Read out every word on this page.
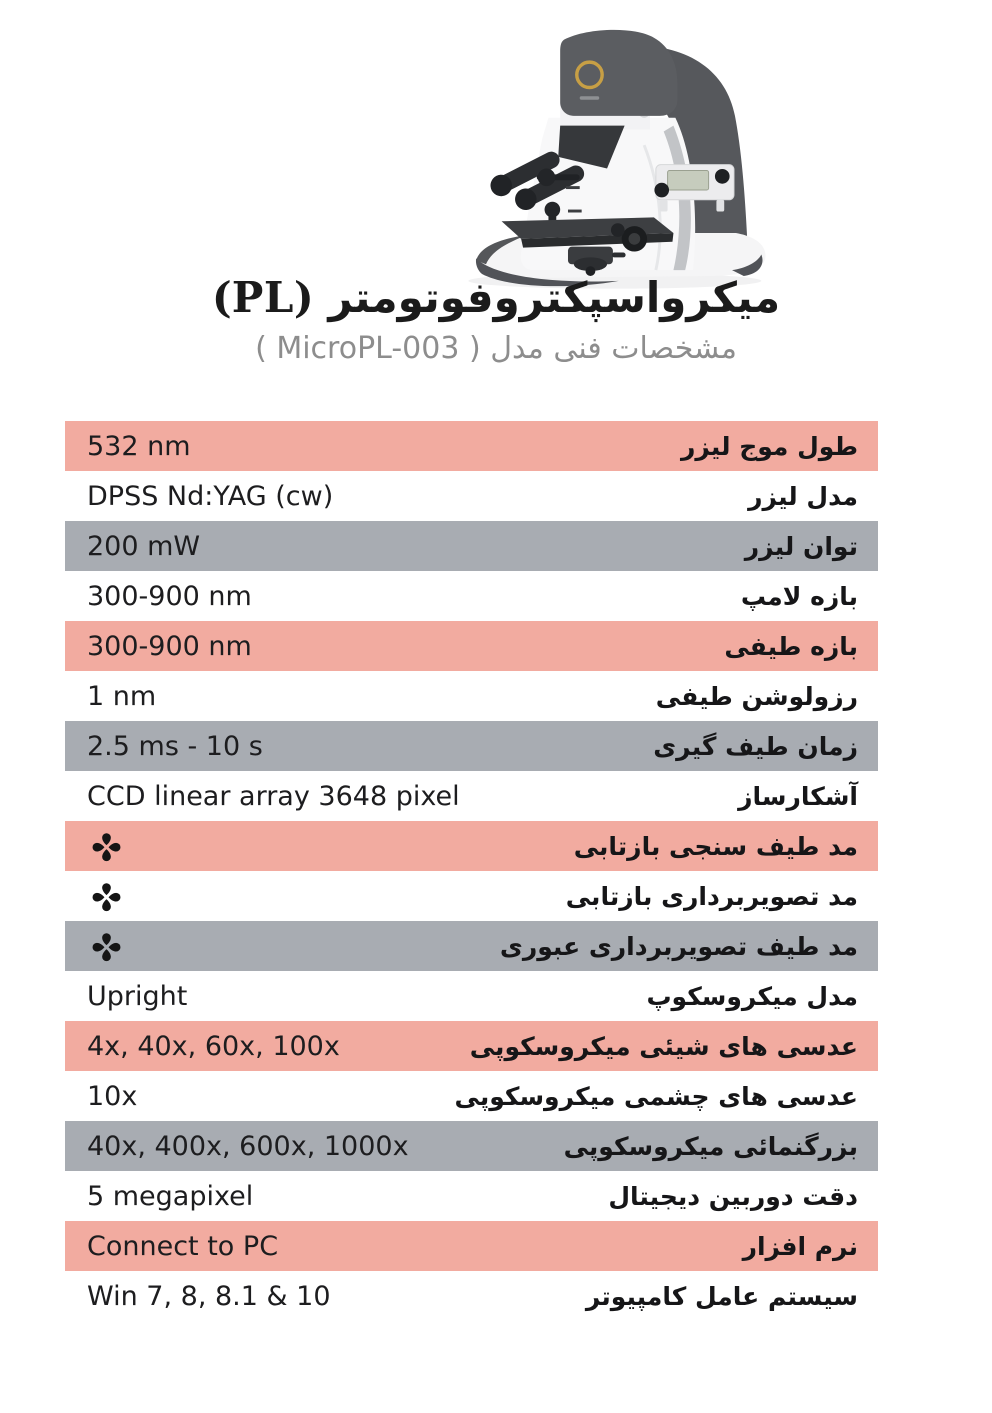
میکرواسپکتروفوتومتر (PL)
مشخصات فنی مدل ( MicroPL-003 )
532 nm	طول موج لیزر
DPSS Nd:YAG (cw)	مدل لیزر
200 mW	توان لیزر
300-900 nm	بازه لامپ
300-900 nm	بازه طیفی
1 nm	رزولوشن طیفی
2.5 ms - 10 s	زمان طیف گیری
CCD linear array 3648 pixel	آشکارساز
مد طیف سنجی بازتابی
مد تصویربرداری بازتابی
مد طیف تصویربرداری عبوری
Upright	مدل میکروسکوپ
4x, 40x, 60x, 100x	عدسی های شیئی میکروسکوپی
10x	عدسی های چشمی میکروسکوپی
40x, 400x, 600x, 1000x	بزرگنمائی میکروسکوپی
5 megapixel	دقت دوربین دیجیتال
Connect to PC	نرم افزار
Win 7, 8, 8.1 & 10	سیستم عامل کامپیوتر
